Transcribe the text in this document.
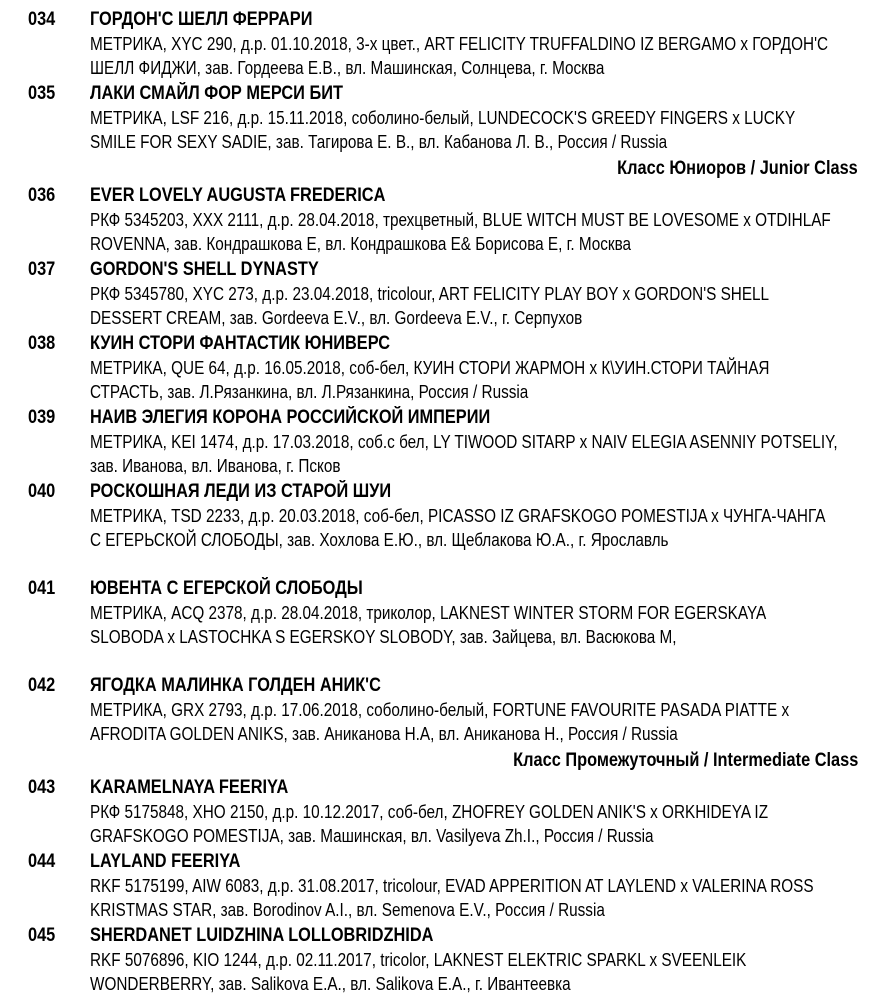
034 ГОРДОН'С ШЕЛЛ ФЕРРАРИ
МЕТРИКА, XYC 290, д.р. 01.10.2018, 3-х цвет., ART FELICITY TRUFFALDINO IZ BERGAMO x ГОРДОН'С ШЕЛЛ ФИДЖИ, зав. Гордеева Е.В., вл. Машинская, Солнцева, г. Москва
035 ЛАКИ СМАЙЛ ФОР МЕРСИ БИТ
МЕТРИКА, LSF 216, д.р. 15.11.2018, соболино-белый, LUNDECOCK'S GREEDY FINGERS x LUCKY SMILE FOR SEXY SADIE, зав. Тагирова Е. В., вл. Кабанова Л. В., Россия / Russia
Класс Юниоров / Junior Class
036 EVER LOVELY AUGUSTA FREDERICA
РКФ 5345203, XXX 2111, д.р. 28.04.2018, трехцветный, BLUE WITCH MUST BE LOVESOME x OTDIHLAF ROVENNA, зав. Кондрашкова Е, вл. Кондрашкова Е& Борисова Е, г. Москва
037 GORDON'S SHELL DYNASTY
РКФ 5345780, XYC 273, д.р. 23.04.2018, tricolour, ART FELICITY PLAY BOY x GORDON'S SHELL DESSERT CREAM, зав. Gordeeva E.V., вл. Gordeeva E.V., г. Серпухов
038 КУИН СТОРИ ФАНТАСТИК ЮНИВЕРС
МЕТРИКА, QUE 64, д.р. 16.05.2018, соб-бел, КУИН СТОРИ ЖАРМОН x К\УИН.СТОРИ ТАЙНАЯ СТРАСТЬ, зав. Л.Рязанкина, вл. Л.Рязанкина, Россия / Russia
039 НАИВ ЭЛЕГИЯ КОРОНА РОССИЙСКОЙ ИМПЕРИИ
МЕТРИКА, KEI 1474, д.р. 17.03.2018, соб.с бел, LY TIWOOD SITARP x NAIV ELEGIA ASENNIY POTSELIY, зав. Иванова, вл. Иванова, г. Псков
040 РОСКОШНАЯ ЛЕДИ ИЗ СТАРОЙ ШУИ
МЕТРИКА, TSD 2233, д.р. 20.03.2018, соб-бел, PICASSO IZ GRAFSKOGO POMESTIJA x ЧУНГА-ЧАНГА С ЕГЕРЬСКОЙ СЛОБОДЫ, зав. Хохлова Е.Ю., вл. Щеблакова Ю.А., г. Ярославль
041 ЮВЕНТА С ЕГЕРСКОЙ СЛОБОДЫ
МЕТРИКА, ACQ 2378, д.р. 28.04.2018, триколор, LAKNEST WINTER STORM FOR EGERSKAYA SLOBODA x LASTOCHKA S EGERSKOY SLOBODY, зав. Зайцева, вл. Васюкова М,
042 ЯГОДКА МАЛИНКА ГОЛДЕН АНИК'С
МЕТРИКА, GRX 2793, д.р. 17.06.2018, соболино-белый, FORTUNE FAVOURITE PASADA PIATTE x AFRODITA GOLDEN ANIKS, зав. Аниканова Н.А, вл. Аниканова Н., Россия / Russia
Класс Промежуточный / Intermediate Class
043 KARAMELNAYA FEERIYA
РКФ 5175848, XHO 2150, д.р. 10.12.2017, соб-бел, ZHOFREY GOLDEN ANIK'S x ORKHIDEYA IZ GRAFSKOGO POMESTIJA, зав. Машинская, вл. Vasilyeva Zh.I., Россия / Russia
044 LAYLAND FEERIYA
RKF 5175199, AIW 6083, д.р. 31.08.2017, tricolour, EVAD APPERITION AT LAYLEND x VALERINA ROSS KRISTMAS STAR, зав. Borodinov A.I., вл. Semenova E.V., Россия / Russia
045 SHERDANET LUIDZHINA LOLLOBRIDZHIDA
RKF 5076896, KIO 1244, д.р. 02.11.2017, tricolor, LAKNEST ELEKTRIC SPARKL x SVEENLEIK WONDERBERRY, зав. Salikova E.A., вл. Salikova E.A., г. Ивантеевка
